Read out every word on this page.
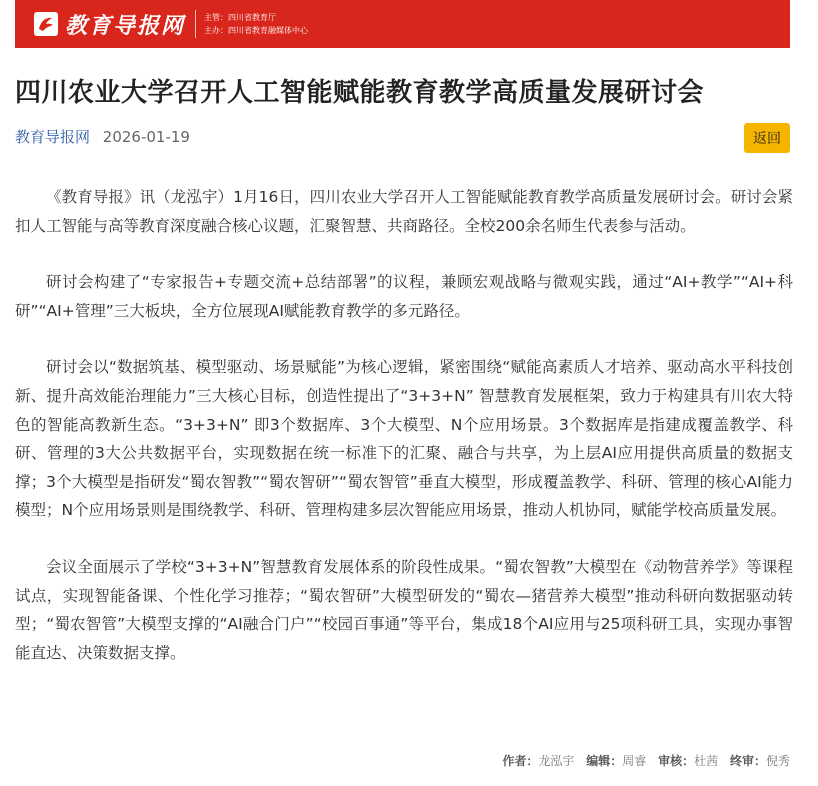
教育导报网 主管：四川省教育厅
主办：四川省教育融媒体中心
四川农业大学召开人工智能赋能教育教学高质量发展研讨会
教育导报网 2026-01-19	返回

《教育导报》讯（龙泓宇）1月16日，四川农业大学召开人工智能赋能教育教学高质量发展研讨会。研讨会紧扣人工智能与高等教育深度融合核心议题，汇聚智慧、共商路径。全校200余名师生代表参与活动。

研讨会构建了“专家报告+专题交流+总结部署”的议程，兼顾宏观战略与微观实践，通过“AI+教学”“AI+科研”“AI+管理”三大板块，全方位展现AI赋能教育教学的多元路径。

研讨会以“数据筑基、模型驱动、场景赋能”为核心逻辑，紧密围绕“赋能高素质人才培养、驱动高水平科技创新、提升高效能治理能力”三大核心目标，创造性提出了“3+3+N” 智慧教育发展框架，致力于构建具有川农大特色的智能高教新生态。“3+3+N” 即3个数据库、3个大模型、N个应用场景。3个数据库是指建成覆盖教学、科研、管理的3大公共数据平台，实现数据在统一标准下的汇聚、融合与共享，为上层AI应用提供高质量的数据支撑；3个大模型是指研发“蜀农智教”“蜀农智研”“蜀农智管”垂直大模型，形成覆盖教学、科研、管理的核心AI能力模型；N个应用场景则是围绕教学、科研、管理构建多层次智能应用场景，推动人机协同，赋能学校高质量发展。

会议全面展示了学校“3+3+N”智慧教育发展体系的阶段性成果。“蜀农智教”大模型在《动物营养学》等课程试点，实现智能备课、个性化学习推荐；“蜀农智研”大模型研发的“蜀农—猪营养大模型”推动科研向数据驱动转型；“蜀农智管”大模型支撑的“AI融合门户”“校园百事通”等平台，集成18个AI应用与25项科研工具，实现办事智能直达、决策数据支撑。

作者：龙泓宇 编辑：周睿 审核：杜茜 终审：倪秀
